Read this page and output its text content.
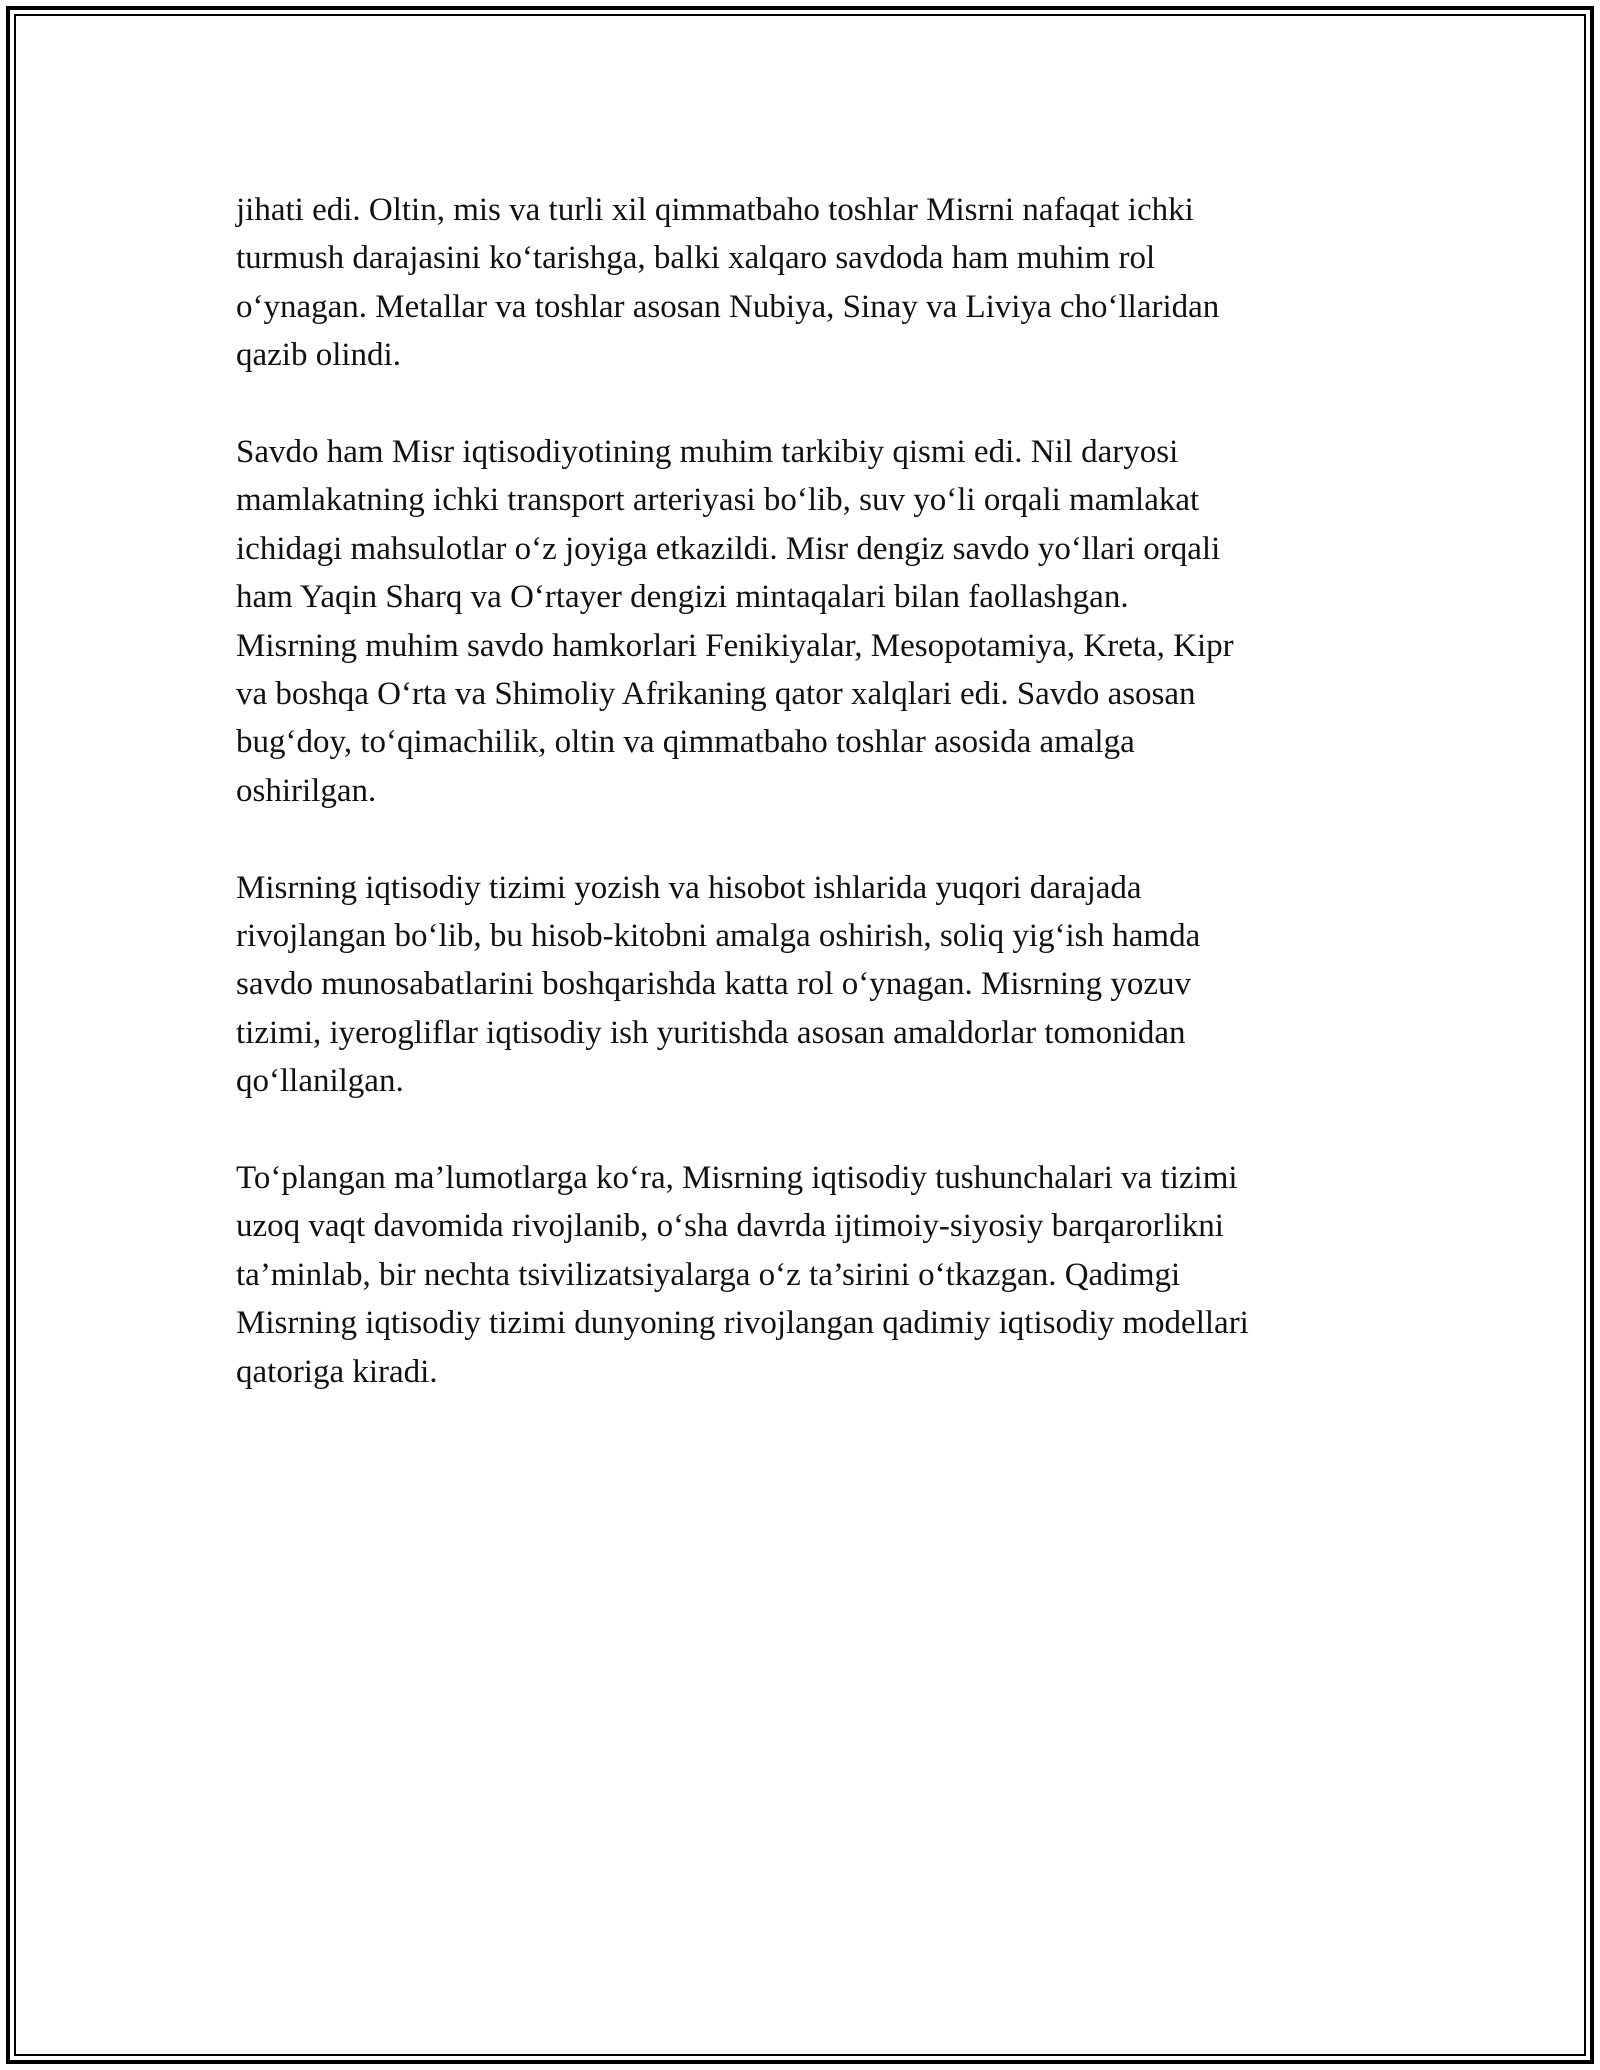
jihati edi. Oltin, mis va turli xil qimmatbaho toshlar Misrni nafaqat ichki
turmush darajasini ko‘tarishga, balki xalqaro savdoda ham muhim rol
o‘ynagan. Metallar va toshlar asosan Nubiya, Sinay va Liviya cho‘llaridan
qazib olindi.

Savdo ham Misr iqtisodiyotining muhim tarkibiy qismi edi. Nil daryosi
mamlakatning ichki transport arteriyasi bo‘lib, suv yo‘li orqali mamlakat
ichidagi mahsulotlar o‘z joyiga etkazildi. Misr dengiz savdo yo‘llari orqali
ham Yaqin Sharq va O‘rtayer dengizi mintaqalari bilan faollashgan.
Misrning muhim savdo hamkorlari Fenikiyalar, Mesopotamiya, Kreta, Kipr
va boshqa O‘rta va Shimoliy Afrikaning qator xalqlari edi. Savdo asosan
bug‘doy, to‘qimachilik, oltin va qimmatbaho toshlar asosida amalga
oshirilgan.

Misrning iqtisodiy tizimi yozish va hisobot ishlarida yuqori darajada
rivojlangan bo‘lib, bu hisob-kitobni amalga oshirish, soliq yig‘ish hamda
savdo munosabatlarini boshqarishda katta rol o‘ynagan. Misrning yozuv
tizimi, iyerogliflar iqtisodiy ish yuritishda asosan amaldorlar tomonidan
qo‘llanilgan.

To‘plangan ma’lumotlarga ko‘ra, Misrning iqtisodiy tushunchalari va tizimi
uzoq vaqt davomida rivojlanib, o‘sha davrda ijtimoiy-siyosiy barqarorlikni
ta’minlab, bir nechta tsivilizatsiyalarga o‘z ta’sirini o‘tkazgan. Qadimgi
Misrning iqtisodiy tizimi dunyoning rivojlangan qadimiy iqtisodiy modellari
qatoriga kiradi.
